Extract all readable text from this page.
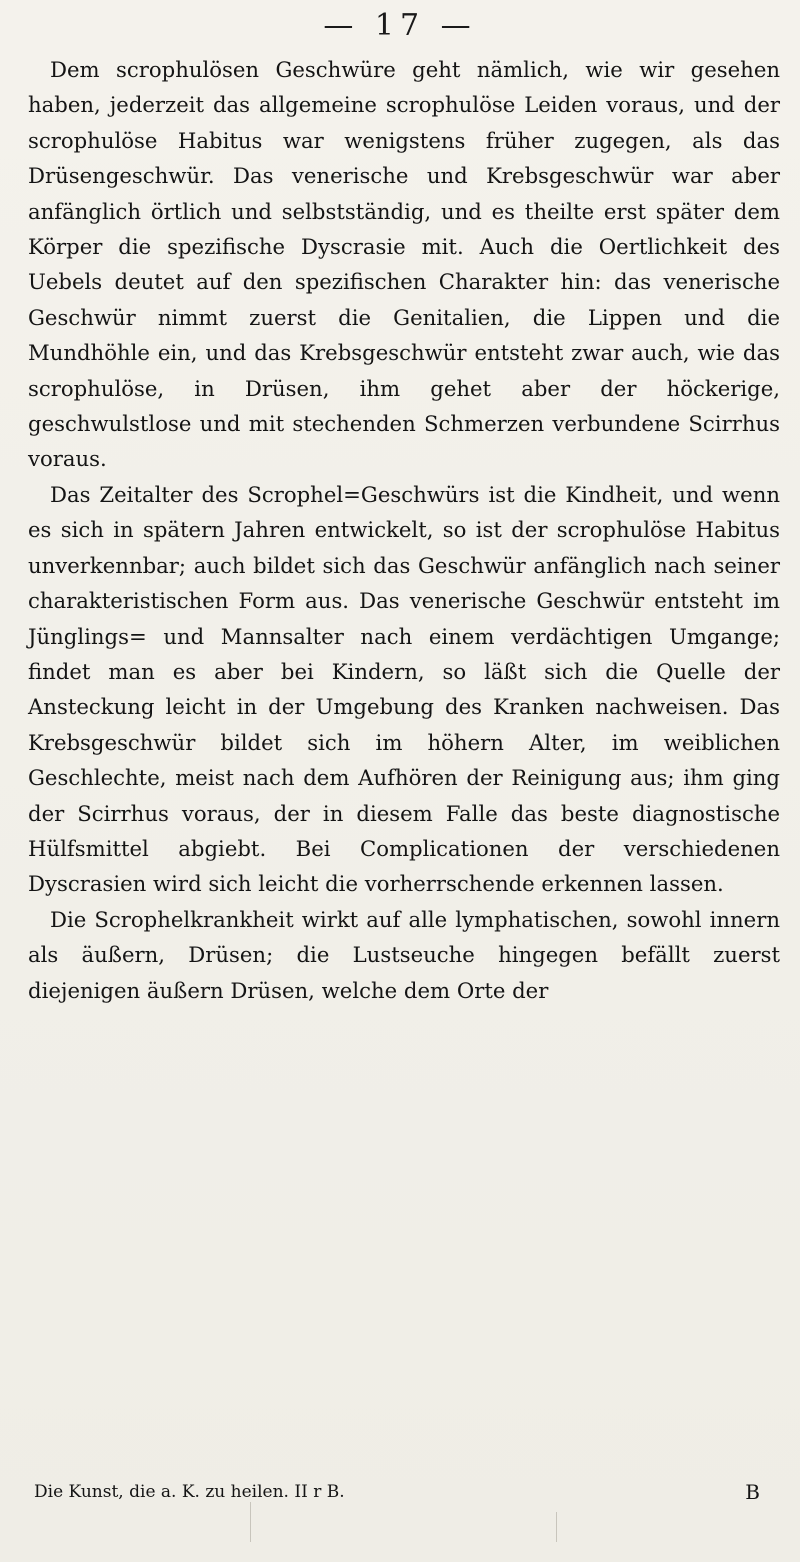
— 17 —

Dem scrophulösen Geschwüre geht nämlich, wie wir gesehen haben, jederzeit das allgemeine scrophulöse Leiden voraus, und der scrophulöse Habitus war wenigstens früher zugegen, als das Drüsengeschwür. Das venerische und Krebsgeschwür war aber anfänglich örtlich und selbstständig, und es theilte erst später dem Körper die spezifische Dyscrasie mit. Auch die Oertlichkeit des Uebels deutet auf den spezifischen Charakter hin: das venerische Geschwür nimmt zuerst die Genitalien, die Lippen und die Mundhöhle ein, und das Krebsgeschwür entsteht zwar auch, wie das scrophulöse, in Drüsen, ihm gehet aber der höckerige, geschwulstlose und mit stechenden Schmerzen verbundene Scirrhus voraus.

Das Zeitalter des Scrophel=Geschwürs ist die Kindheit, und wenn es sich in spätern Jahren entwickelt, so ist der scrophulöse Habitus unverkennbar; auch bildet sich das Geschwür anfänglich nach seiner charakteristischen Form aus. Das venerische Geschwür entsteht im Jünglings= und Mannsalter nach einem verdächtigen Umgange; findet man es aber bei Kindern, so läßt sich die Quelle der Ansteckung leicht in der Umgebung des Kranken nachweisen. Das Krebsgeschwür bildet sich im höhern Alter, im weiblichen Geschlechte, meist nach dem Aufhören der Reinigung aus; ihm ging der Scirrhus voraus, der in diesem Falle das beste diagnostische Hülfsmittel abgiebt. Bei Complicationen der verschiedenen Dyscrasien wird sich leicht die vorherrschende erkennen lassen.

Die Scrophelkrankheit wirkt auf alle lymphatischen, sowohl innern als äußern, Drüsen; die Lustseuche hingegen befällt zuerst diejenigen äußern Drüsen, welche dem Orte der

Die Kunst, die a. K. zu heilen. II r B.	B
